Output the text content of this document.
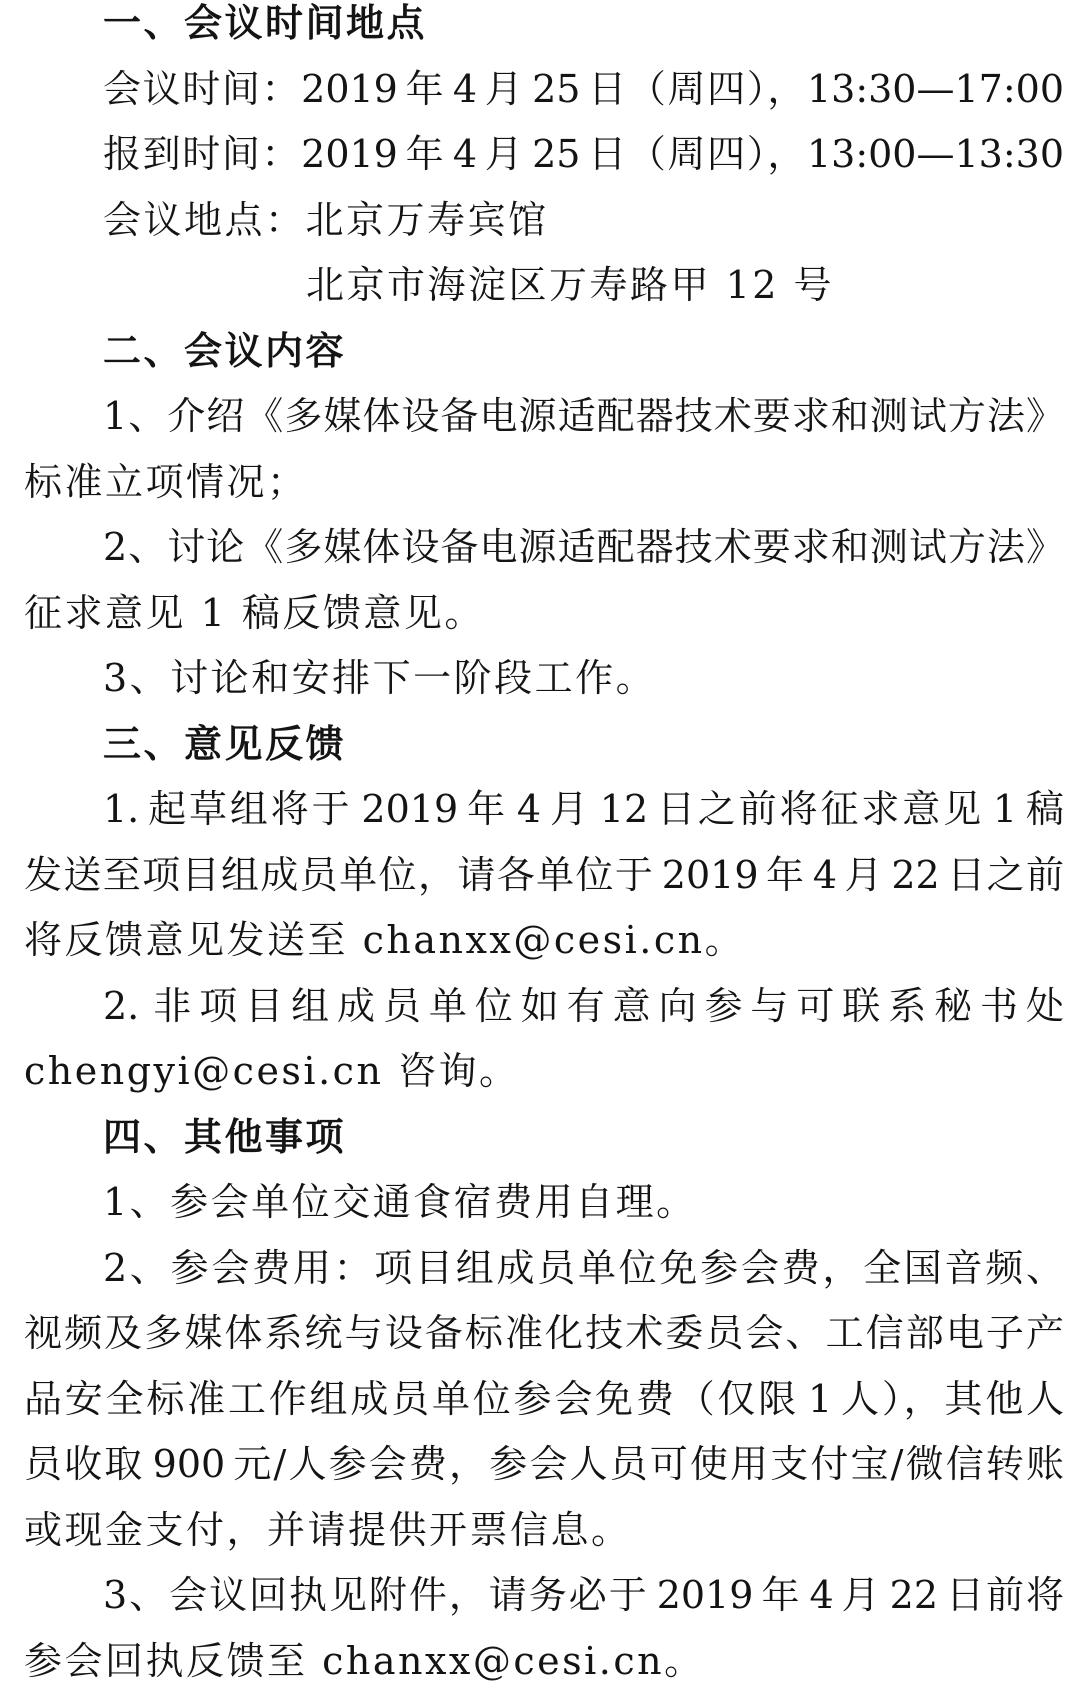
一、会议时间地点
会议时间：2019 年 4 月 25 日（周四），13:30—17:00
报到时间：2019 年 4 月 25 日（周四），13:00—13:30
会议地点：北京万寿宾馆
北京市海淀区万寿路甲 12 号
二、会议内容
1、介绍《多媒体设备电源适配器技术要求和测试方法》
标准立项情况；
2、讨论《多媒体设备电源适配器技术要求和测试方法》
征求意见 1 稿反馈意见。
3、讨论和安排下一阶段工作。
三、意见反馈
1. 起草组将于 2019 年 4 月 12 日之前将征求意见 1 稿
发送至项目组成员单位，请各单位于 2019 年 4 月 22 日之前
将反馈意见发送至 chanxx@cesi.cn。
2. 非项目组成员单位如有意向参与可联系秘书处
chengyi@cesi.cn 咨询。
四、其他事项
1、参会单位交通食宿费用自理。
2、参会费用：项目组成员单位免参会费，全国音频、
视频及多媒体系统与设备标准化技术委员会、工信部电子产
品安全标准工作组成员单位参会免费（仅限 1 人），其他人
员收取 900 元/人参会费，参会人员可使用支付宝/微信转账
或现金支付，并请提供开票信息。
3、会议回执见附件，请务必于 2019 年 4 月 22 日前将
参会回执反馈至 chanxx@cesi.cn。
